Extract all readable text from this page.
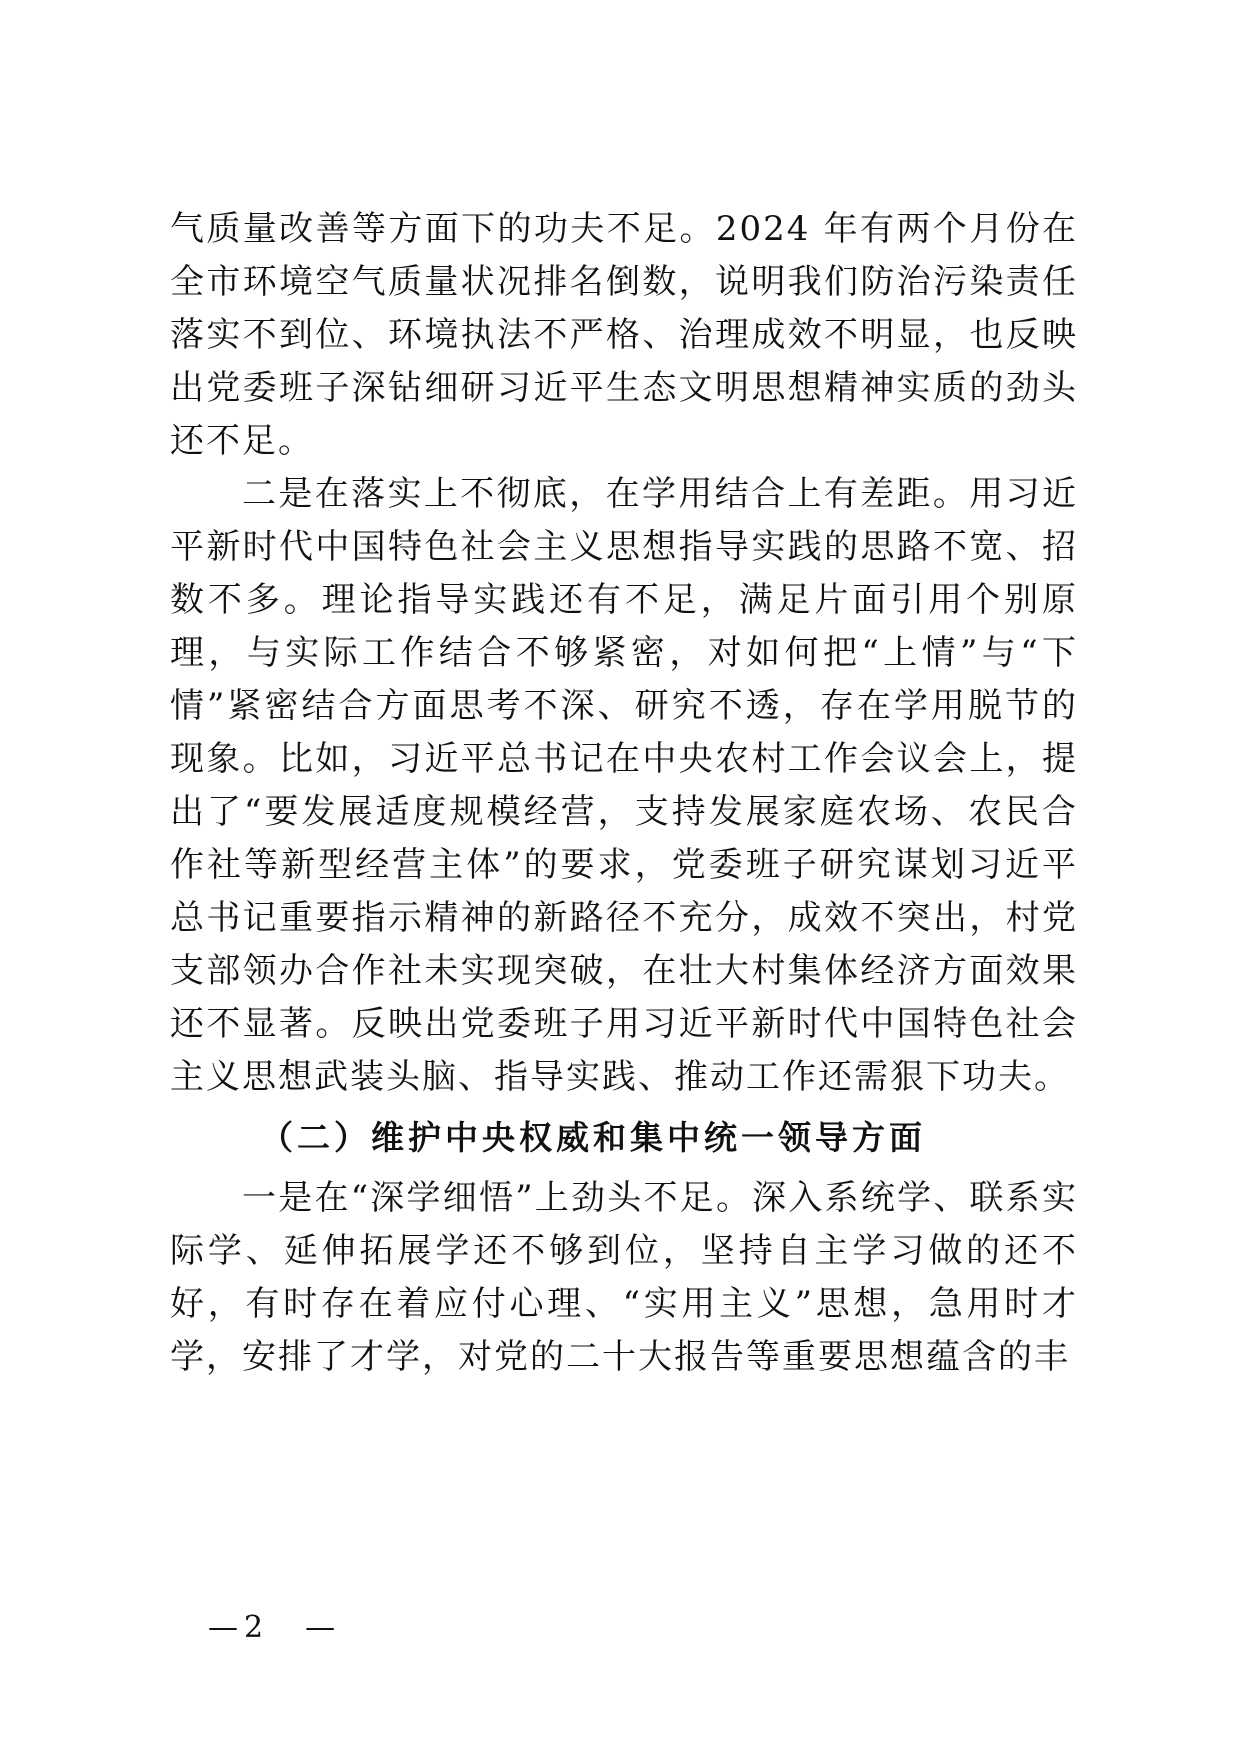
气质量改善等方面下的功夫不足。2024 年有两个月份在全市环境空气质量状况排名倒数，说明我们防治污染责任落实不到位、环境执法不严格、治理成效不明显，也反映出党委班子深钻细研习近平生态文明思想精神实质的劲头还不足。

二是在落实上不彻底，在学用结合上有差距。用习近平新时代中国特色社会主义思想指导实践的思路不宽、招数不多。理论指导实践还有不足，满足片面引用个别原理，与实际工作结合不够紧密，对如何把“上情”与“下情”紧密结合方面思考不深、研究不透，存在学用脱节的现象。比如，习近平总书记在中央农村工作会议会上，提出了“要发展适度规模经营，支持发展家庭农场、农民合作社等新型经营主体”的要求，党委班子研究谋划习近平总书记重要指示精神的新路径不充分，成效不突出，村党支部领办合作社未实现突破，在壮大村集体经济方面效果还不显著。反映出党委班子用习近平新时代中国特色社会主义思想武装头脑、指导实践、推动工作还需狠下功夫。

（二）维护中央权威和集中统一领导方面

一是在“深学细悟”上劲头不足。深入系统学、联系实际学、延伸拓展学还不够到位，坚持自主学习做的还不好，有时存在着应付心理、“实用主义”思想，急用时才学，安排了才学，对党的二十大报告等重要思想蕴含的丰

—2　—
